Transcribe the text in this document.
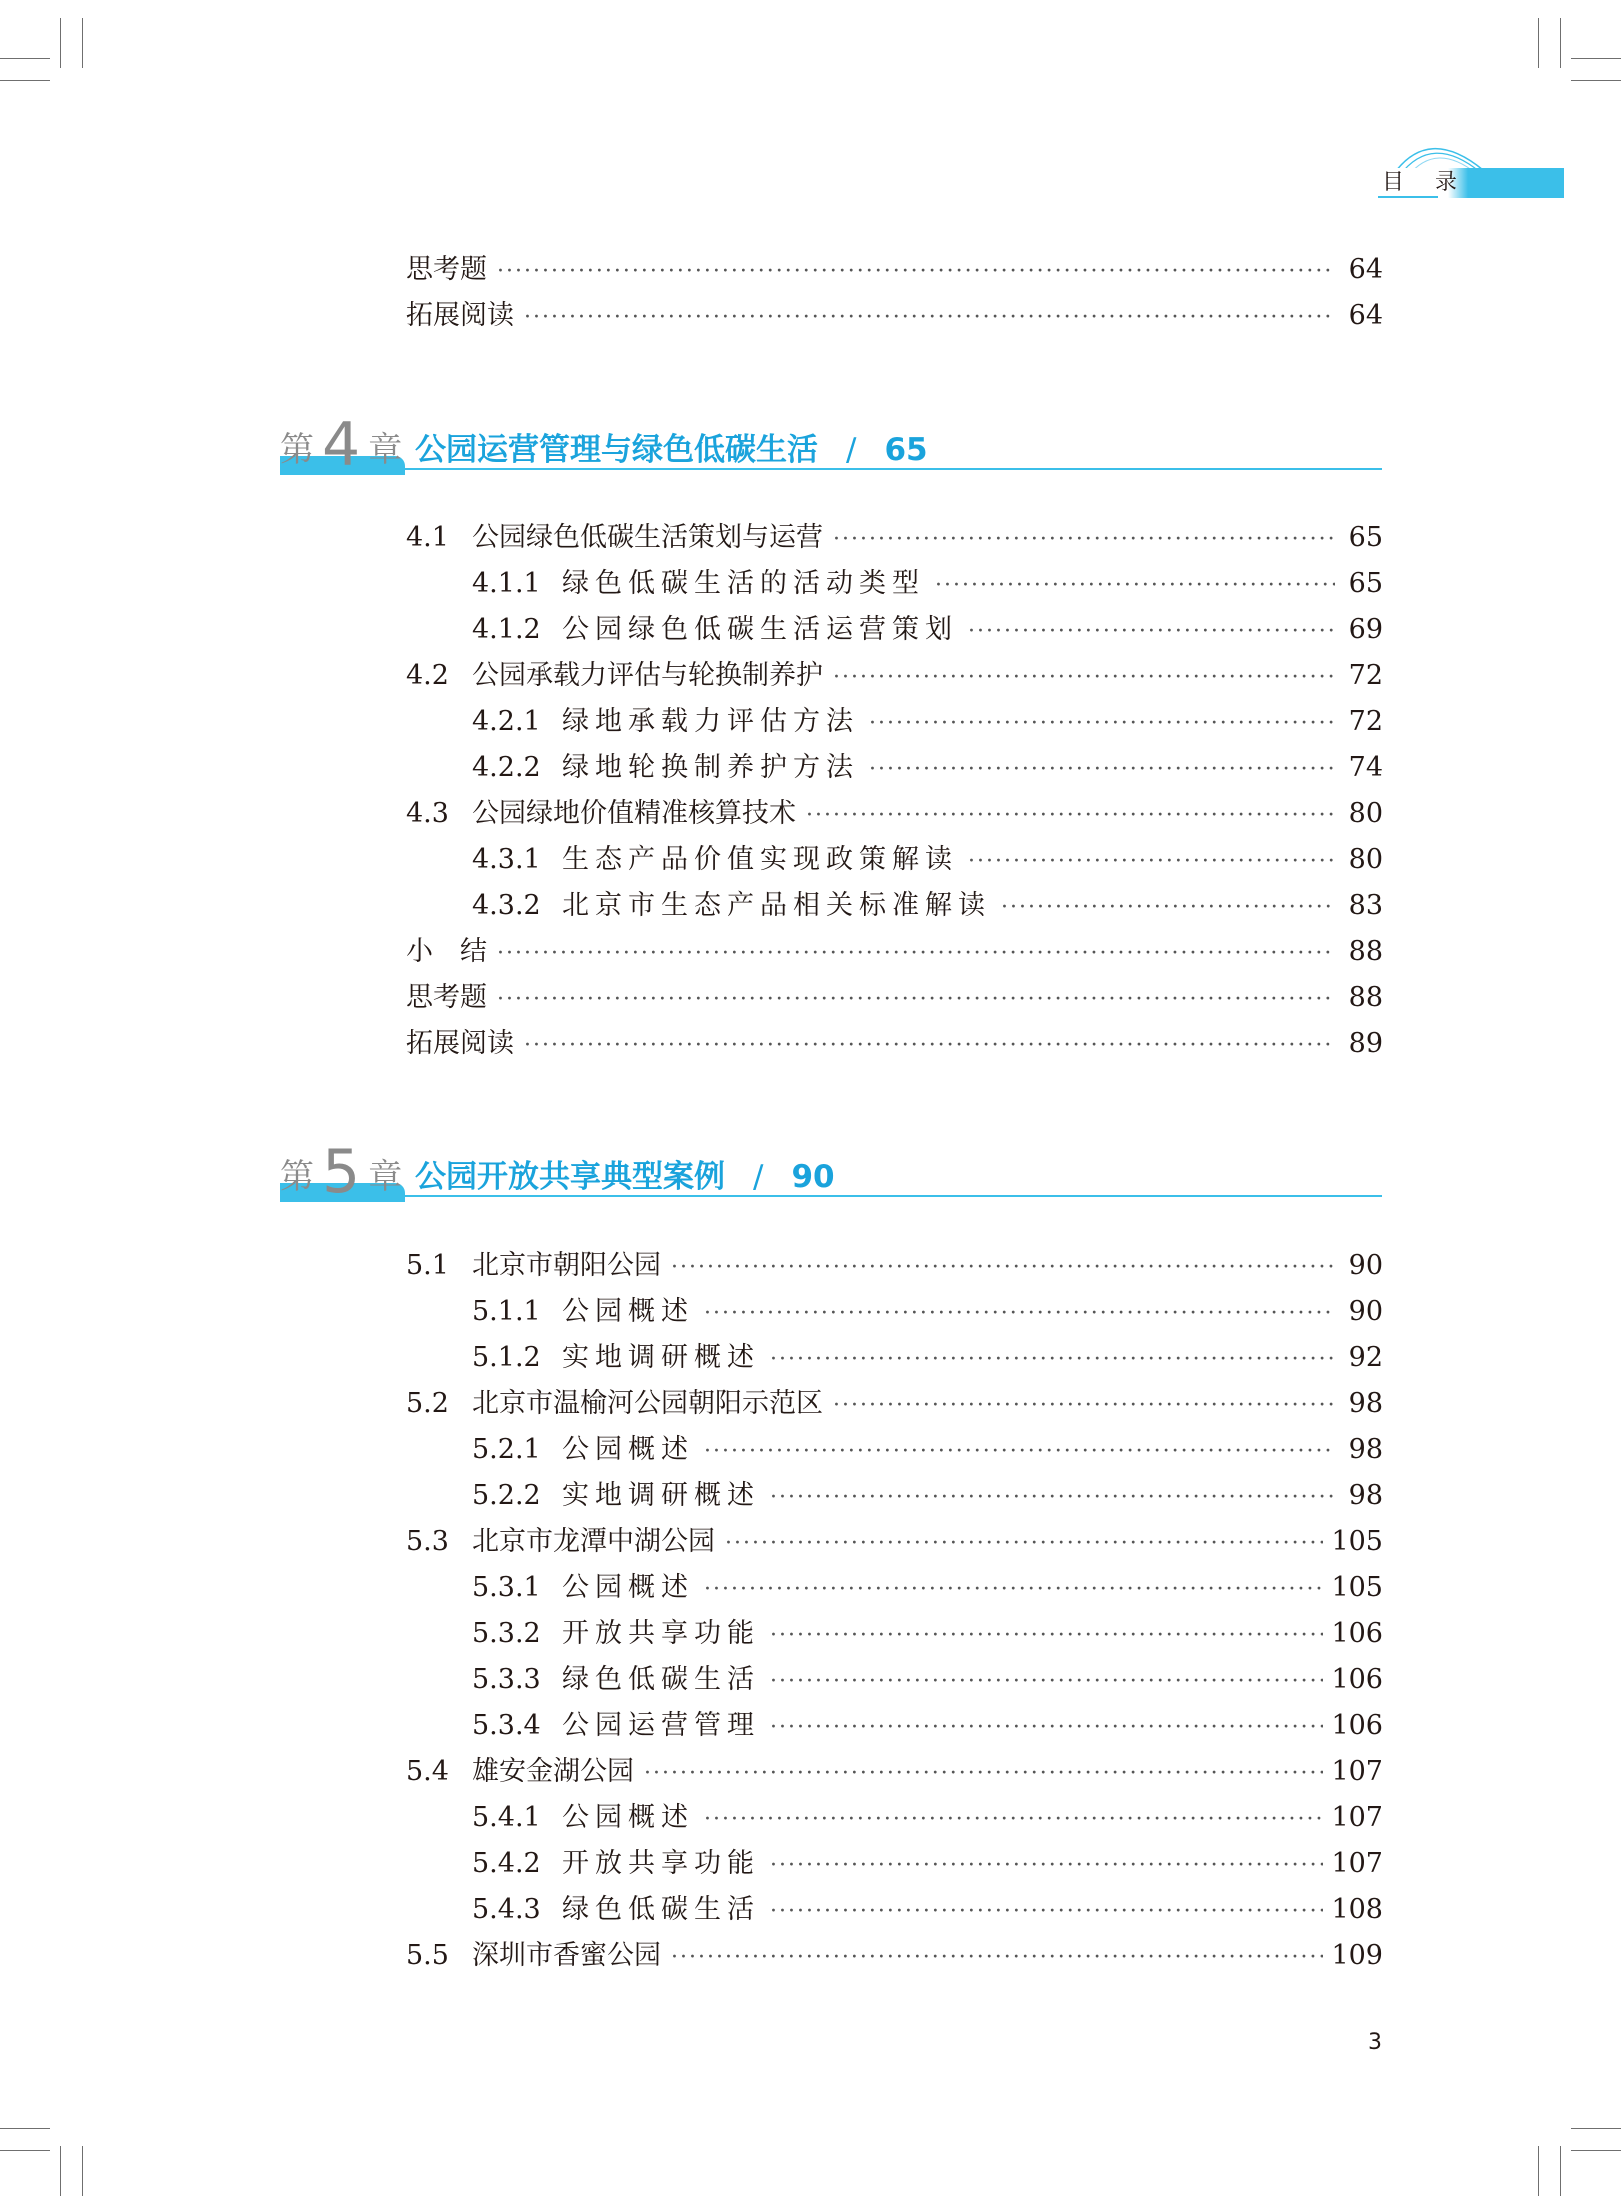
目 录
思考题 ·····	64
拓展阅读 ·····	64
第 4 章 公园运营管理与绿色低碳生活 / 65
4.1 公园绿色低碳生活策划与运营 ·····	65
4.1.1 绿色低碳生活的活动类型 ·····	65
4.1.2 公园绿色低碳生活运营策划 ·····	69
4.2 公园承载力评估与轮换制养护 ·····	72
4.2.1 绿地承载力评估方法 ·····	72
4.2.2 绿地轮换制养护方法 ·····	74
4.3 公园绿地价值精准核算技术 ·····	80
4.3.1 生态产品价值实现政策解读 ·····	80
4.3.2 北京市生态产品相关标准解读 ·····	83
小　结 ·····	88
思考题 ·····	88
拓展阅读 ·····	89
第 5 章 公园开放共享典型案例 / 90
5.1 北京市朝阳公园 ·····	90
5.1.1 公园概述 ·····	90
5.1.2 实地调研概述 ·····	92
5.2 北京市温榆河公园朝阳示范区 ·····	98
5.2.1 公园概述 ·····	98
5.2.2 实地调研概述 ·····	98
5.3 北京市龙潭中湖公园 ·····	105
5.3.1 公园概述 ·····	105
5.3.2 开放共享功能 ·····	106
5.3.3 绿色低碳生活 ·····	106
5.3.4 公园运营管理 ·····	106
5.4 雄安金湖公园 ·····	107
5.4.1 公园概述 ·····	107
5.4.2 开放共享功能 ·····	107
5.4.3 绿色低碳生活 ·····	108
5.5 深圳市香蜜公园 ·····	109
3
